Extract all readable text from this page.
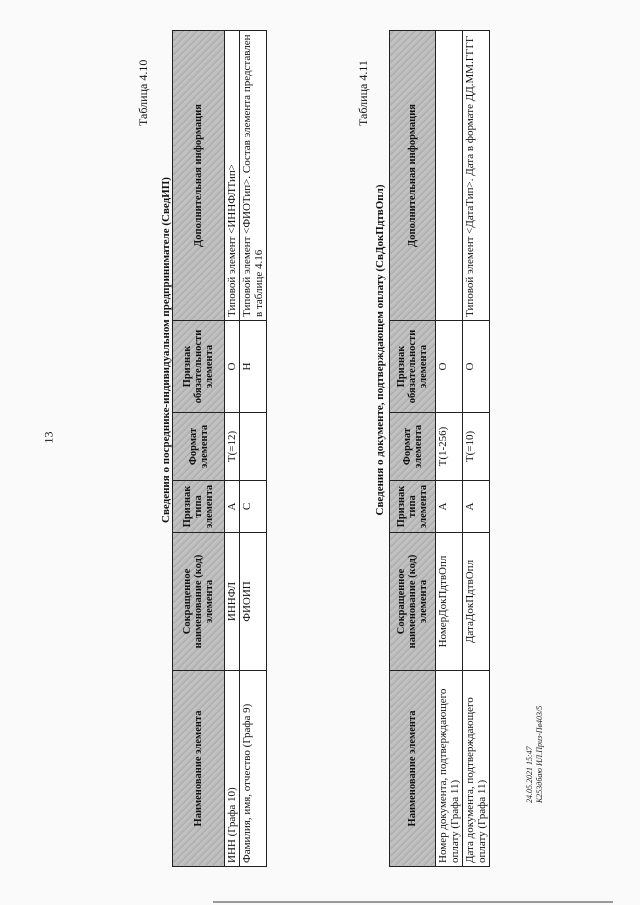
13
Таблица 4.10
Сведения о посреднике-индивидуальном предпринимателе (СведИП)
Наименование элемента	Сокращенное наименование (код) элемента	Признак типа элемента	Формат элемента	Признак обязательности элемента	Дополнительная информация
ИНН (Графа 10)	ИННФЛ	А	T(=12)	О	Типовой элемент <ИННФЛТип>
Фамилия, имя, отчество (Графа 9)	ФИОИП	С		Н	Типовой элемент <ФИОТип>. Состав элемента представлен в таблице 4.16
Таблица 4.11
Сведения о документе, подтверждающем оплату (СвДокПдтвОпл)
Наименование элемента	Сокращенное наименование (код) элемента	Признак типа элемента	Формат элемента	Признак обязательности элемента	Дополнительная информация
Номер документа, подтверждающего оплату (Графа 11)	НомерДокПдтвОпл	А	T(1-256)	О	
Дата документа, подтверждающего оплату (Графа 11)	ДатаДокПдтвОпл	А	T(=10)	О	Типовой элемент <ДатаТип>. Дата в формате ДД.ММ.ГГГГ
24.05.2021 15:47 К253дбаю ИЛ.Приз-Пв403/5
